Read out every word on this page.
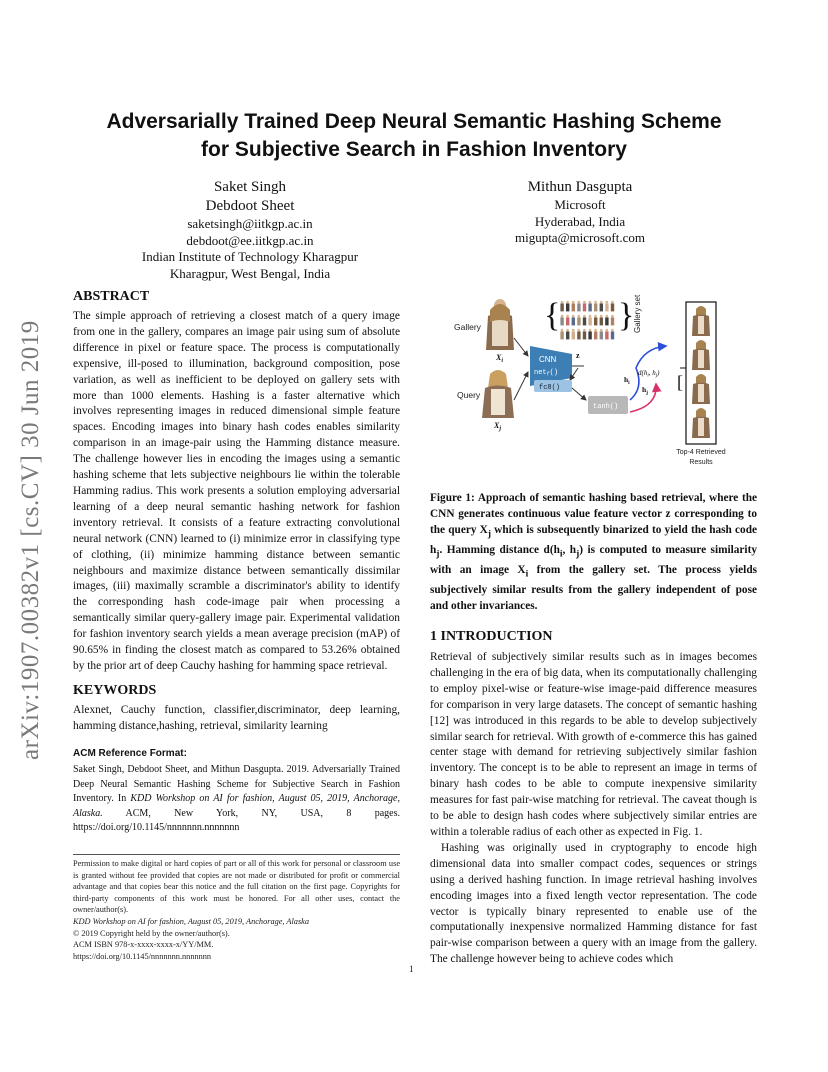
arXiv:1907.00382v1 [cs.CV] 30 Jun 2019
Adversarially Trained Deep Neural Semantic Hashing Scheme
for Subjective Search in Fashion Inventory
Saket Singh
Debdoot Sheet
saketsingh@iitkgp.ac.in
debdoot@ee.iitkgp.ac.in
Indian Institute of Technology Kharagpur
Kharagpur, West Bengal, India
Mithun Dasgupta
Microsoft
Hyderabad, India
migupta@microsoft.com
ABSTRACT
The simple approach of retrieving a closest match of a query image from one in the gallery, compares an image pair using sum of absolute difference in pixel or feature space. The process is computationally expensive, ill-posed to illumination, background composition, pose variation, as well as inefficient to be deployed on gallery sets with more than 1000 elements. Hashing is a faster alternative which involves representing images in reduced dimensional simple feature spaces. Encoding images into binary hash codes enables similarity comparison in an image-pair using the Hamming distance measure. The challenge however lies in encoding the images using a semantic hashing scheme that lets subjective neighbours lie within the tolerable Hamming radius. This work presents a solution employing adversarial learning of a deep neural semantic hashing network for fashion inventory retrieval. It consists of a feature extracting convolutional neural network (CNN) learned to (i) minimize error in classifying type of clothing, (ii) minimize hamming distance between semantic neighbours and maximize distance between semantically dissimilar images, (iii) maximally scramble a discriminator's ability to identify the corresponding hash code-image pair when processing a semantically similar query-gallery image pair. Experimental validation for fashion inventory search yields a mean average precision (mAP) of 90.65% in finding the closest match as compared to 53.26% obtained by the prior art of deep Cauchy hashing for hamming space retrieval.
KEYWORDS
Alexnet, Cauchy function, classifier,discriminator, deep learning, hamming distance,hashing, retrieval, similarity learning
ACM Reference Format:
Saket Singh, Debdoot Sheet, and Mithun Dasgupta. 2019. Adversarially Trained Deep Neural Semantic Hashing Scheme for Subjective Search in Fashion Inventory. In KDD Workshop on AI for fashion, August 05, 2019, Anchorage, Alaska. ACM, New York, NY, USA, 8 pages. https://doi.org/10.1145/nnnnnnn.nnnnnnn
Permission to make digital or hard copies of part or all of this work for personal or classroom use is granted without fee provided that copies are not made or distributed for profit or commercial advantage and that copies bear this notice and the full citation on the first page. Copyrights for third-party components of this work must be honored. For all other uses, contact the owner/author(s).
KDD Workshop on AI for fashion, August 05, 2019, Anchorage, Alaska
© 2019 Copyright held by the owner/author(s).
ACM ISBN 978-x-xxxx-xxxx-x/YY/MM.
https://doi.org/10.1145/nnnnnnn.nnnnnnn
1
Gallery
$X_i$
Query
$X_j$
CNN
net$_f$()
z
fc8()
tanh()
$h_i$
$h_j$
$d(h_i$, $h_j$)
{ }
Gallery set
[
Top-4 Retrieved
Results
Figure 1: Approach of semantic hashing based retrieval, where the CNN generates continuous value feature vector z corresponding to the query $X_j$ which is subsequently binarized to yield the hash code $h_j$. Hamming distance $d(h_i$, $h_j$) is computed to measure similarity with an image $X_i$ from the gallery set. The process yields subjectively similar results from the gallery independent of pose and other invariances.
1 INTRODUCTION
Retrieval of subjectively similar results such as in images becomes challenging in the era of big data, when its computationally challenging to employ pixel-wise or feature-wise image-paid difference measures for comparison in very large datasets. The concept of semantic hashing [12] was introduced in this regards to be able to develop subjectively similar search for retrieval. With growth of e-commerce this has gained center stage with demand for retrieving subjectively similar fashion inventory. The concept is to be able to represent an image in terms of binary hash codes to be able to compute inexpensive similarity measures for fast pair-wise matching for retrieval. The caveat though is to be able to design hash codes where subjectively similar entries are within a tolerable radius of each other as expected in Fig. 1.
Hashing was originally used in cryptography to encode high dimensional data into smaller compact codes, sequences or strings using a derived hashing function. In image retrieval hashing involves encoding images into a fixed length vector representation. The code vector is typically binary represented to enable use of the computationally inexpensive normalized Hamming distance for fast pair-wise comparison between a query with an image from the gallery. The challenge however being to achieve codes which
